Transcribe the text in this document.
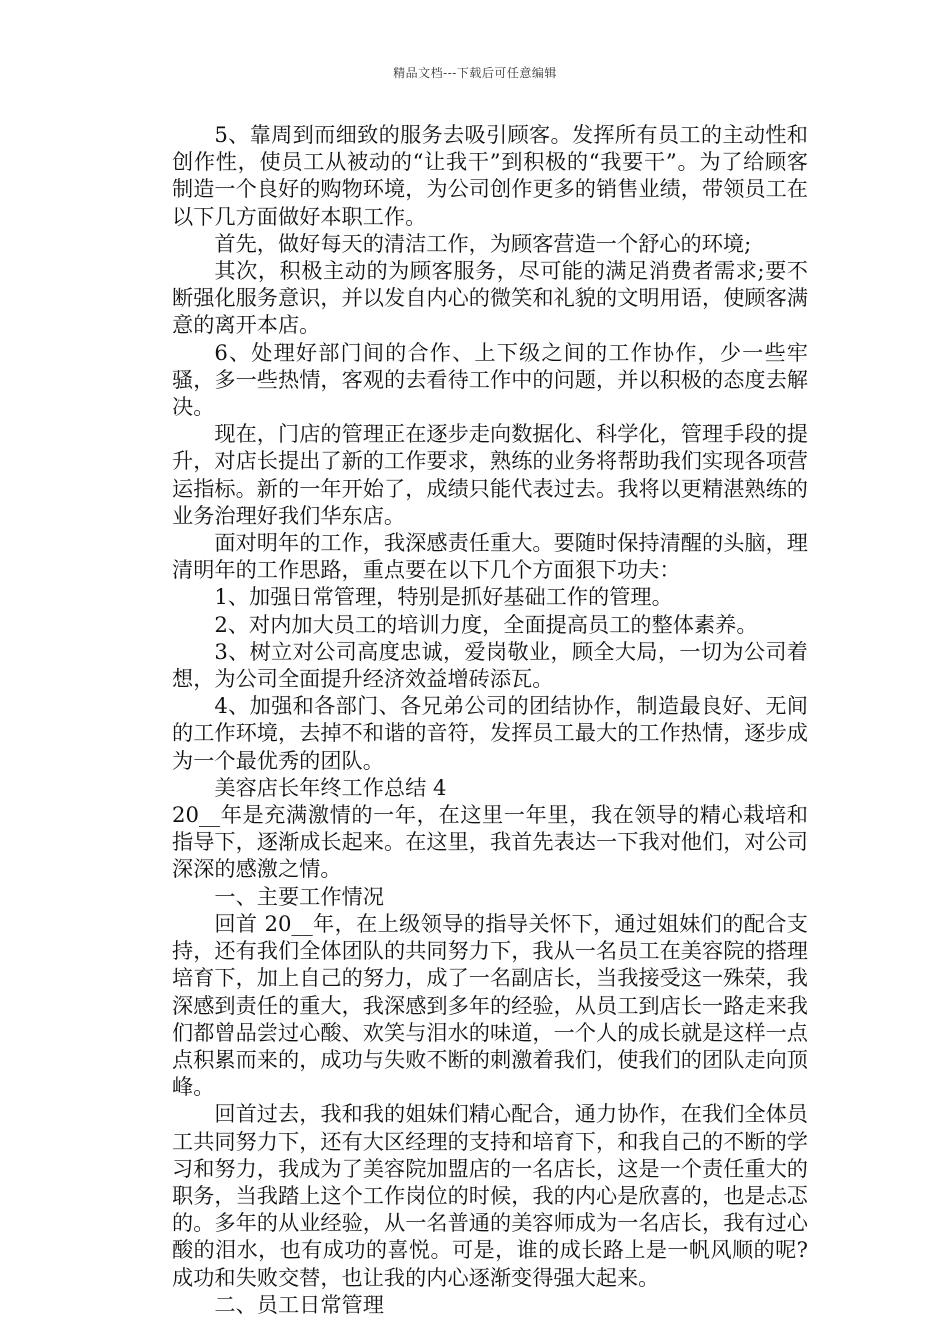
精品文档---下载后可任意编辑

5、靠周到而细致的服务去吸引顾客。发挥所有员工的主动性和创作性，使员工从被动的“让我干”到积极的“我要干”。为了给顾客制造一个良好的购物环境，为公司创作更多的销售业绩，带领员工在以下几方面做好本职工作。

首先，做好每天的清洁工作，为顾客营造一个舒心的环境;

其次，积极主动的为顾客服务，尽可能的满足消费者需求;要不断强化服务意识，并以发自内心的微笑和礼貌的文明用语，使顾客满意的离开本店。

6、处理好部门间的合作、上下级之间的工作协作，少一些牢骚，多一些热情，客观的去看待工作中的问题，并以积极的态度去解决。

现在，门店的管理正在逐步走向数据化、科学化，管理手段的提升，对店长提出了新的工作要求，熟练的业务将帮助我们实现各项营运指标。新的一年开始了，成绩只能代表过去。我将以更精湛熟练的业务治理好我们华东店。

面对明年的工作，我深感责任重大。要随时保持清醒的头脑，理清明年的工作思路，重点要在以下几个方面狠下功夫：

1、加强日常管理，特别是抓好基础工作的管理。

2、对内加大员工的培训力度，全面提高员工的整体素养。

3、树立对公司高度忠诚，爱岗敬业，顾全大局，一切为公司着想，为公司全面提升经济效益增砖添瓦。

4、加强和各部门、各兄弟公司的团结协作，制造最良好、无间的工作环境，去掉不和谐的音符，发挥员工最大的工作热情，逐步成为一个最优秀的团队。

美容店长年终工作总结 4

20__年是充满激情的一年，在这里一年里，我在领导的精心栽培和指导下，逐渐成长起来。在这里，我首先表达一下我对他们，对公司深深的感激之情。

一、主要工作情况

回首 20__年，在上级领导的指导关怀下，通过姐妹们的配合支持，还有我们全体团队的共同努力下，我从一名员工在美容院的搭理培育下，加上自己的努力，成了一名副店长，当我接受这一殊荣，我深感到责任的重大，我深感到多年的经验，从员工到店长一路走来我们都曾品尝过心酸、欢笑与泪水的味道，一个人的成长就是这样一点点积累而来的，成功与失败不断的刺激着我们，使我们的团队走向顶峰。

回首过去，我和我的姐妹们精心配合，通力协作，在我们全体员工共同努力下，还有大区经理的支持和培育下，和我自己的不断的学习和努力，我成为了美容院加盟店的一名店长，这是一个责任重大的职务，当我踏上这个工作岗位的时候，我的内心是欣喜的，也是忐忑的。多年的从业经验，从一名普通的美容师成为一名店长，我有过心酸的泪水，也有成功的喜悦。可是，谁的成长路上是一帆风顺的呢?成功和失败交替，也让我的内心逐渐变得强大起来。

二、员工日常管理
